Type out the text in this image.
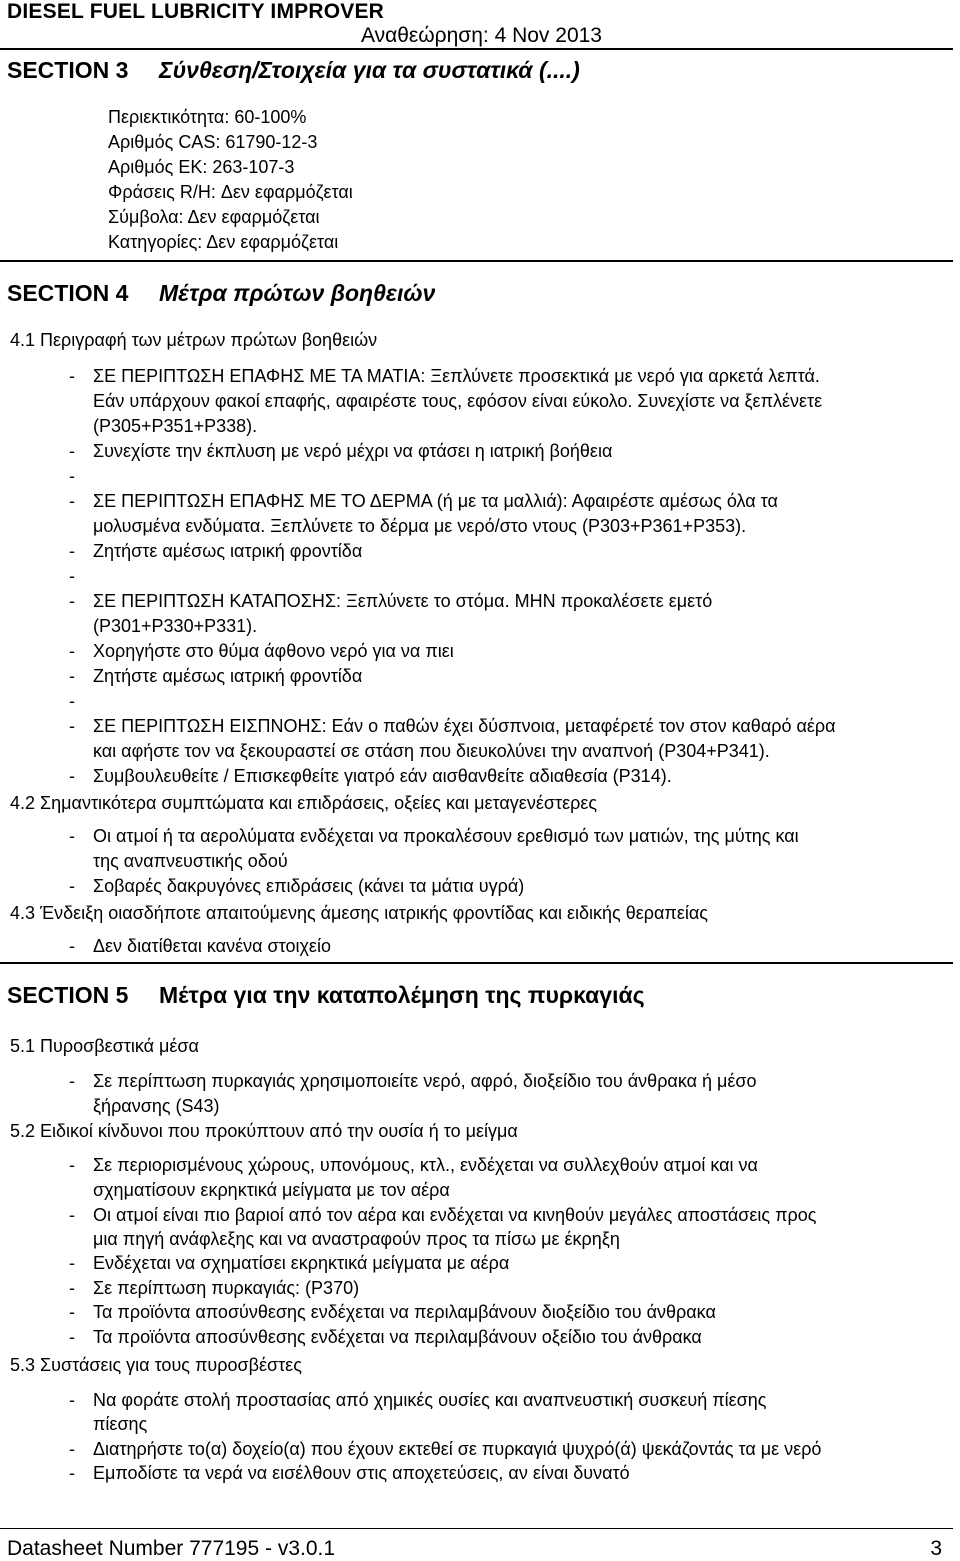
DIESEL FUEL LUBRICITY IMPROVER
Αναθεώρηση: 4 Nov 2013
SECTION 3 Σύνθεση/Στοιχεία για τα συστατικά (....)
Περιεκτικότητα: 60-100%
Αριθμός CAS: 61790-12-3
Αριθμός ΕΚ: 263-107-3
Φράσεις R/H: Δεν εφαρμόζεται
Σύμβολα: Δεν εφαρμόζεται
Κατηγορίες: Δεν εφαρμόζεται
SECTION 4 Μέτρα πρώτων βοηθειών
4.1 Περιγραφή των μέτρων πρώτων βοηθειών
- ΣΕ ΠΕΡΙΠΤΩΣΗ ΕΠΑΦΗΣ ΜΕ ΤΑ ΜΑΤΙΑ: Ξεπλύνετε προσεκτικά με νερό για αρκετά λεπτά.
Εάν υπάρχουν φακοί επαφής, αφαιρέστε τους, εφόσον είναι εύκολο. Συνεχίστε να ξεπλένετε
(P305+P351+P338).
- Συνεχίστε την έκπλυση με νερό μέχρι να φτάσει η ιατρική βοήθεια
-
- ΣΕ ΠΕΡΙΠΤΩΣΗ ΕΠΑΦΗΣ ΜΕ ΤΟ ΔΕΡΜΑ (ή με τα μαλλιά): Αφαιρέστε αμέσως όλα τα
μολυσμένα ενδύματα. Ξεπλύνετε το δέρμα με νερό/στο ντους (P303+P361+P353).
- Ζητήστε αμέσως ιατρική φροντίδα
-
- ΣΕ ΠΕΡΙΠΤΩΣΗ ΚΑΤΑΠΟΣΗΣ: Ξεπλύνετε το στόμα. ΜΗΝ προκαλέσετε εμετό
(P301+P330+P331).
- Χορηγήστε στο θύμα άφθονο νερό για να πιει
- Ζητήστε αμέσως ιατρική φροντίδα
-
- ΣΕ ΠΕΡΙΠΤΩΣΗ ΕΙΣΠΝΟΗΣ: Εάν ο παθών έχει δύσπνοια, μεταφέρετέ τον στον καθαρό αέρα
και αφήστε τον να ξεκουραστεί σε στάση που διευκολύνει την αναπνοή (P304+P341).
- Συμβουλευθείτε / Επισκεφθείτε γιατρό εάν αισθανθείτε αδιαθεσία (P314).
4.2 Σημαντικότερα συμπτώματα και επιδράσεις, οξείες και μεταγενέστερες
- Οι ατμοί ή τα αερολύματα ενδέχεται να προκαλέσουν ερεθισμό των ματιών, της μύτης και
της αναπνευστικής οδού
- Σοβαρές δακρυγόνες επιδράσεις (κάνει τα μάτια υγρά)
4.3 Ένδειξη οιασδήποτε απαιτούμενης άμεσης ιατρικής φροντίδας και ειδικής θεραπείας
- Δεν διατίθεται κανένα στοιχείο
SECTION 5 Μέτρα για την καταπολέμηση της πυρκαγιάς
5.1 Πυροσβεστικά μέσα
- Σε περίπτωση πυρκαγιάς χρησιμοποιείτε νερό, αφρό, διοξείδιο του άνθρακα ή μέσο
ξήρανσης (S43)
5.2 Ειδικοί κίνδυνοι που προκύπτουν από την ουσία ή το μείγμα
- Σε περιορισμένους χώρους, υπονόμους, κτλ., ενδέχεται να συλλεχθούν ατμοί και να
σχηματίσουν εκρηκτικά μείγματα με τον αέρα
- Οι ατμοί είναι πιο βαριοί από τον αέρα και ενδέχεται να κινηθούν μεγάλες αποστάσεις προς
μια πηγή ανάφλεξης και να αναστραφούν προς τα πίσω με έκρηξη
- Ενδέχεται να σχηματίσει εκρηκτικά μείγματα με αέρα
- Σε περίπτωση πυρκαγιάς: (P370)
- Τα προϊόντα αποσύνθεσης ενδέχεται να περιλαμβάνουν διοξείδιο του άνθρακα
- Τα προϊόντα αποσύνθεσης ενδέχεται να περιλαμβάνουν οξείδιο του άνθρακα
5.3 Συστάσεις για τους πυροσβέστες
- Να φοράτε στολή προστασίας από χημικές ουσίες και αναπνευστική συσκευή πίεσης
πίεσης
- Διατηρήστε το(α) δοχείο(α) που έχουν εκτεθεί σε πυρκαγιά ψυχρό(ά) ψεκάζοντάς τα με νερό
- Εμποδίστε τα νερά να εισέλθουν στις αποχετεύσεις, αν είναι δυνατό
Datasheet Number 777195 - v3.0.1	3
